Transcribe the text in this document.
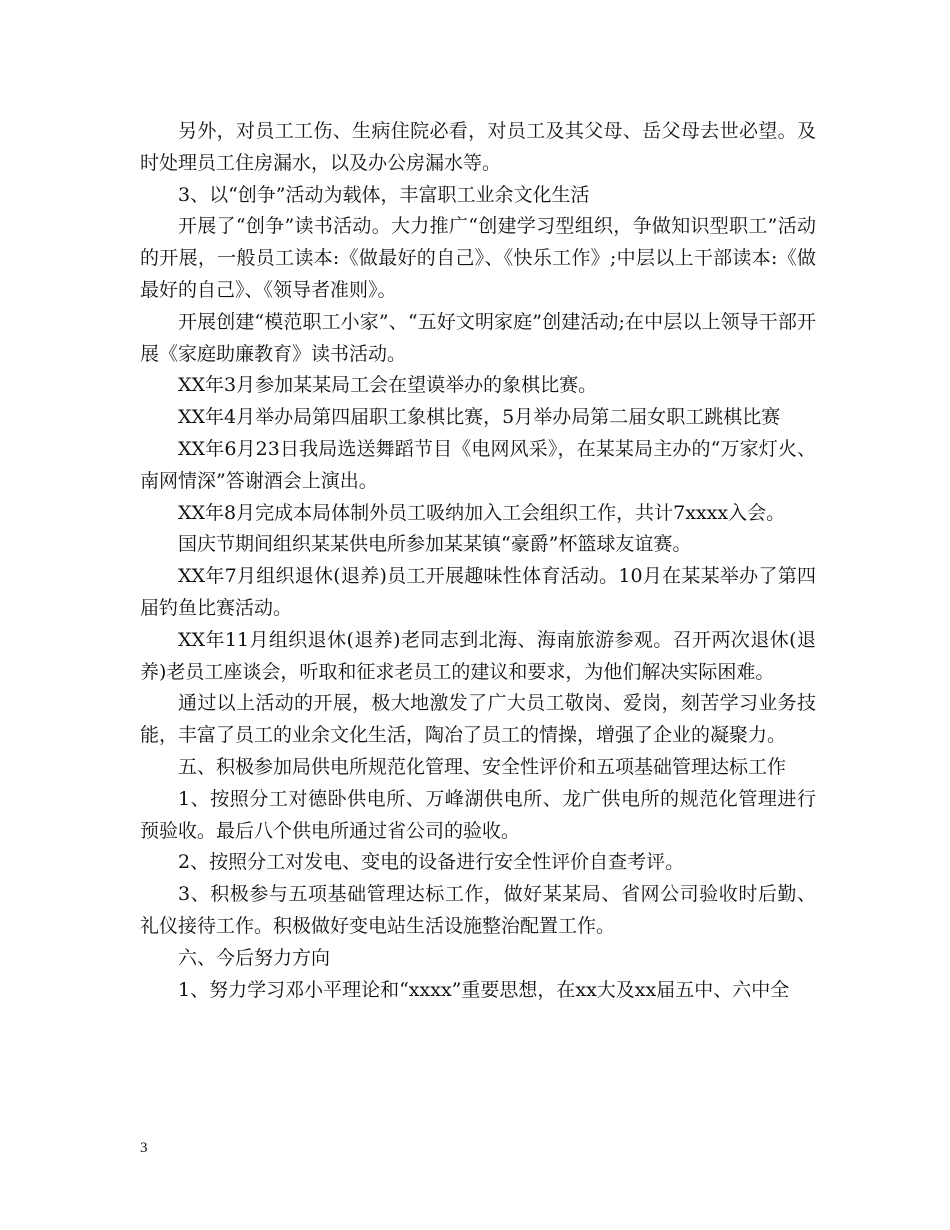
另外，对员工工伤、生病住院必看，对员工及其父母、岳父母去世必望。及时处理员工住房漏水，以及办公房漏水等。

3、以“创争”活动为载体，丰富职工业余文化生活

开展了“创争”读书活动。大力推广“创建学习型组织，争做知识型职工”活动的开展，一般员工读本:《做最好的自己》、《快乐工作》;中层以上干部读本:《做最好的自己》、《领导者准则》。

开展创建“模范职工小家”、“五好文明家庭”创建活动;在中层以上领导干部开展《家庭助廉教育》读书活动。

XX年3月参加某某局工会在望谟举办的象棋比赛。

XX年4月举办局第四届职工象棋比赛，5月举办局第二届女职工跳棋比赛

XX年6月23日我局选送舞蹈节目《电网风采》，在某某局主办的“万家灯火、南网情深”答谢酒会上演出。

XX年8月完成本局体制外员工吸纳加入工会组织工作，共计7xxxx入会。

国庆节期间组织某某供电所参加某某镇“豪爵”杯篮球友谊赛。

XX年7月组织退休(退养)员工开展趣味性体育活动。10月在某某举办了第四届钓鱼比赛活动。

XX年11月组织退休(退养)老同志到北海、海南旅游参观。召开两次退休(退养)老员工座谈会，听取和征求老员工的建议和要求，为他们解决实际困难。

通过以上活动的开展，极大地激发了广大员工敬岗、爱岗，刻苦学习业务技能，丰富了员工的业余文化生活，陶冶了员工的情操，增强了企业的凝聚力。

五、积极参加局供电所规范化管理、安全性评价和五项基础管理达标工作

1、按照分工对德卧供电所、万峰湖供电所、龙广供电所的规范化管理进行预验收。最后八个供电所通过省公司的验收。

2、按照分工对发电、变电的设备进行安全性评价自查考评。

3、积极参与五项基础管理达标工作，做好某某局、省网公司验收时后勤、礼仪接待工作。积极做好变电站生活设施整治配置工作。

六、今后努力方向

1、努力学习邓小平理论和“xxxx”重要思想，在xx大及xx届五中、六中全

3
